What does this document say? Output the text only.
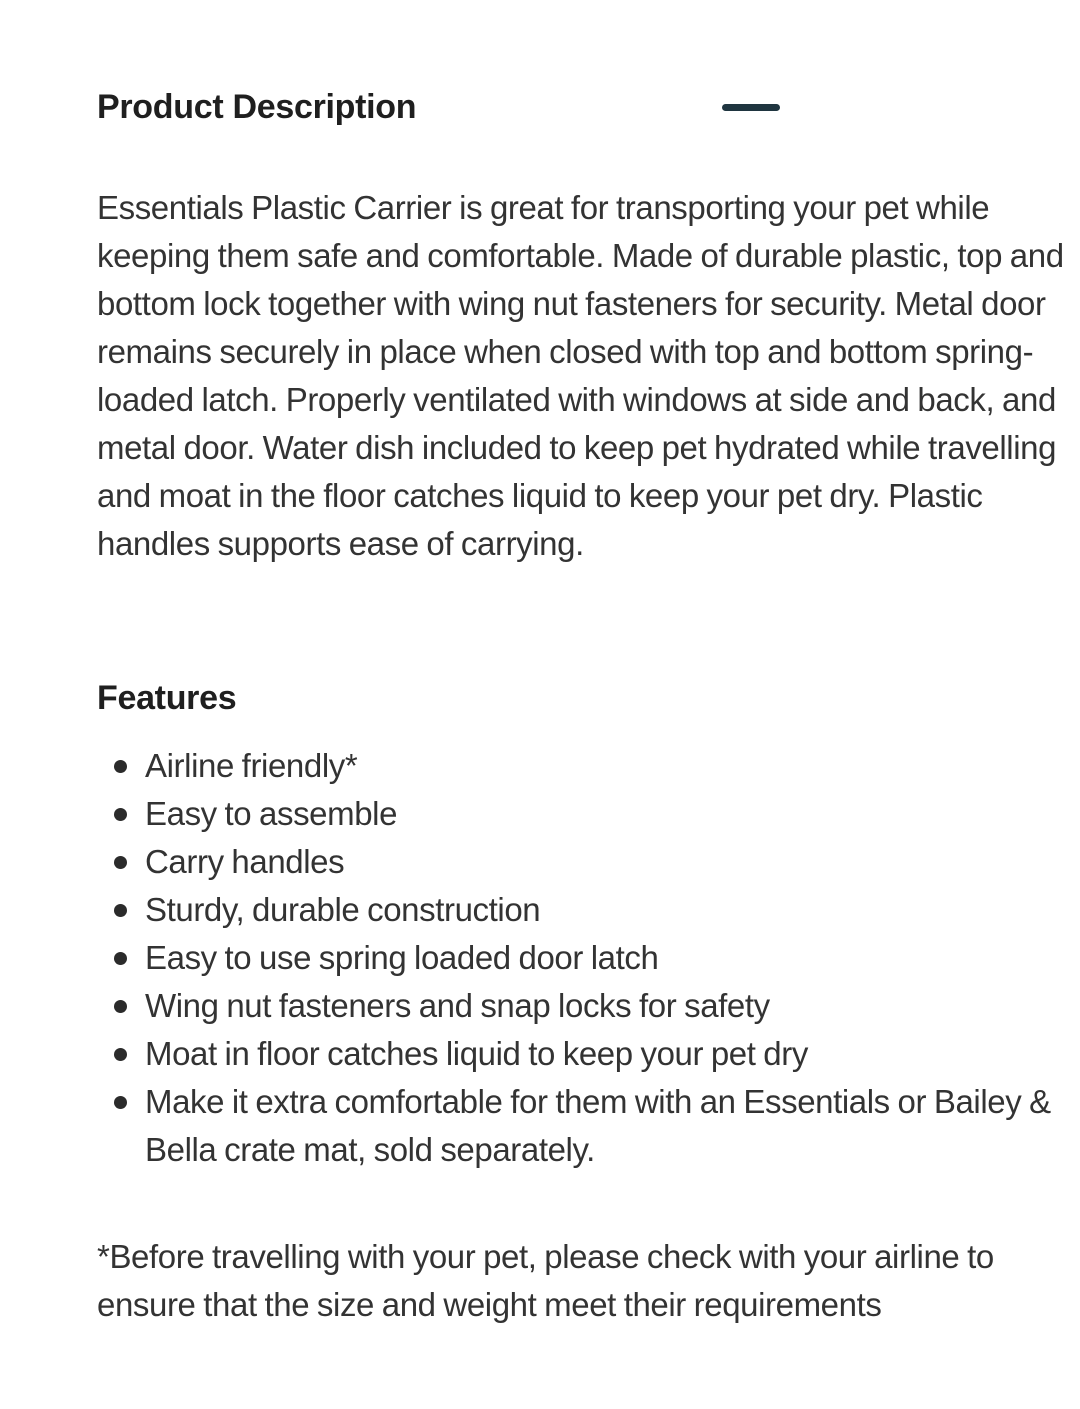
Product Description

Essentials Plastic Carrier is great for transporting your pet while keeping them safe and comfortable. Made of durable plastic, top and bottom lock together with wing nut fasteners for security. Metal door remains securely in place when closed with top and bottom spring-loaded latch. Properly ventilated with windows at side and back, and metal door. Water dish included to keep pet hydrated while travelling and moat in the floor catches liquid to keep your pet dry. Plastic handles supports ease of carrying.

Features
Airline friendly*
Easy to assemble
Carry handles
Sturdy, durable construction
Easy to use spring loaded door latch
Wing nut fasteners and snap locks for safety
Moat in floor catches liquid to keep your pet dry
Make it extra comfortable for them with an Essentials or Bailey & Bella crate mat, sold separately.

*Before travelling with your pet, please check with your airline to ensure that the size and weight meet their requirements
